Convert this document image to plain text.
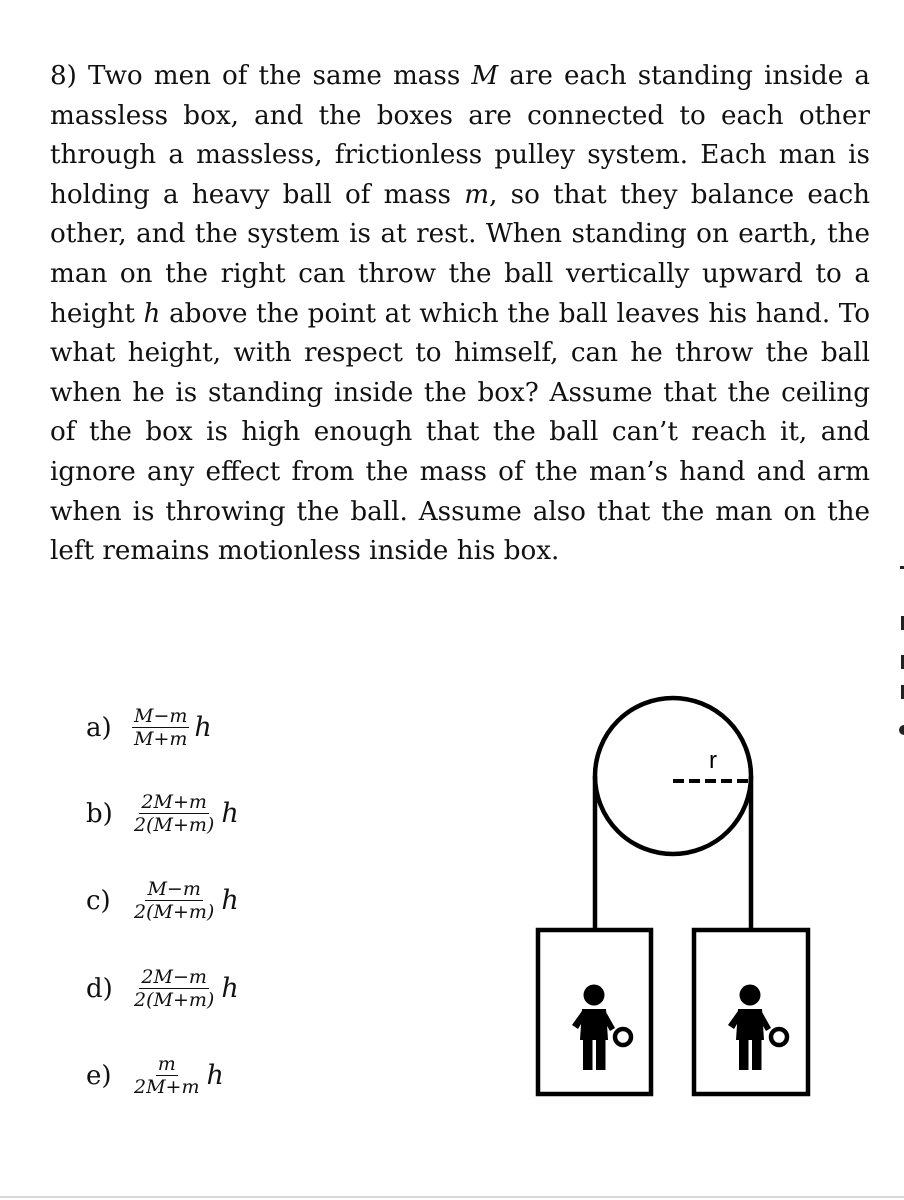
8) Two men of the same mass M are each standing inside a massless box, and the boxes are connected to each other through a massless, frictionless pulley system. Each man is holding a heavy ball of mass m, so that they balance each other, and the system is at rest. When standing on earth, the man on the right can throw the ball vertically upward to a height h above the point at which the ball leaves his hand. To what height, with respect to himself, can he throw the ball when he is standing inside the box? Assume that the ceiling of the box is high enough that the ball can’t reach it, and ignore any effect from the mass of the man’s hand and arm when is throwing the ball. Assume also that the man on the left remains motionless inside his box.

a)	$\frac{M-m}{M+m}$ h
b)	$\frac{2M+m}{2(M+m)}$ h
c)	$\frac{M-m}{2(M+m)}$ h
d)	$\frac{2M-m}{2(M+m)}$ h
e)	$\frac{m}{2M+m}$ h
r
